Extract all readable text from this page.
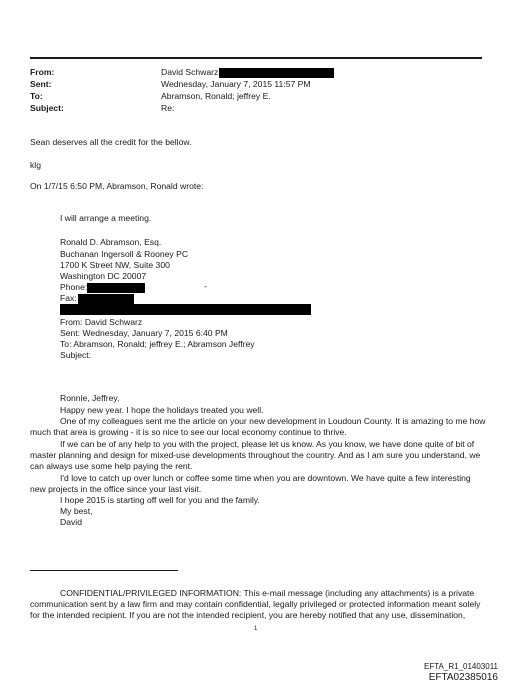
From:	David Schwarz
Sent:	Wednesday, January 7, 2015 11:57 PM
To:	Abramson, Ronald; jeffrey E.
Subject:	Re:
Sean deserves all the credit for the bellow.
klg
On 1/7/15 6:50 PM, Abramson, Ronald wrote:
I will arrange a meeting.
Ronald D. Abramson, Esq.
Buchanan Ingersoll & Rooney PC
1700 K Street NW, Suite 300
Washington DC 20007
Phone:	-
Fax:
From: David Schwarz
Sent: Wednesday, January 7, 2015 6:40 PM
To: Abramson, Ronald; jeffrey E.; Abramson Jeffrey
Subject:
Ronnie, Jeffrey,
Happy new year. I hope the holidays treated you well.
One of my colleagues sent me the article on your new development in Loudoun County. It is amazing to me how
much that area is growing - it is so nice to see our local economy continue to thrive.
If we can be of any help to you with the project, please let us know. As you know, we have done quite of bit of
master planning and design for mixed-use developments throughout the country. And as I am sure you understand, we
can always use some help paying the rent.
I'd love to catch up over lunch or coffee some time when you are downtown. We have quite a few interesting
new projects in the office since your last visit.
I hope 2015 is starting off well for you and the family.
My best,
David
CONFIDENTIAL/PRIVILEGED INFORMATION: This e-mail message (including any attachments) is a private
communication sent by a law firm and may contain confidential, legally privileged or protected information meant solely
for the intended recipient. If you are not the intended recipient, you are hereby notified that any use, dissemination,
1
EFTA_R1_01403011
EFTA02385016
